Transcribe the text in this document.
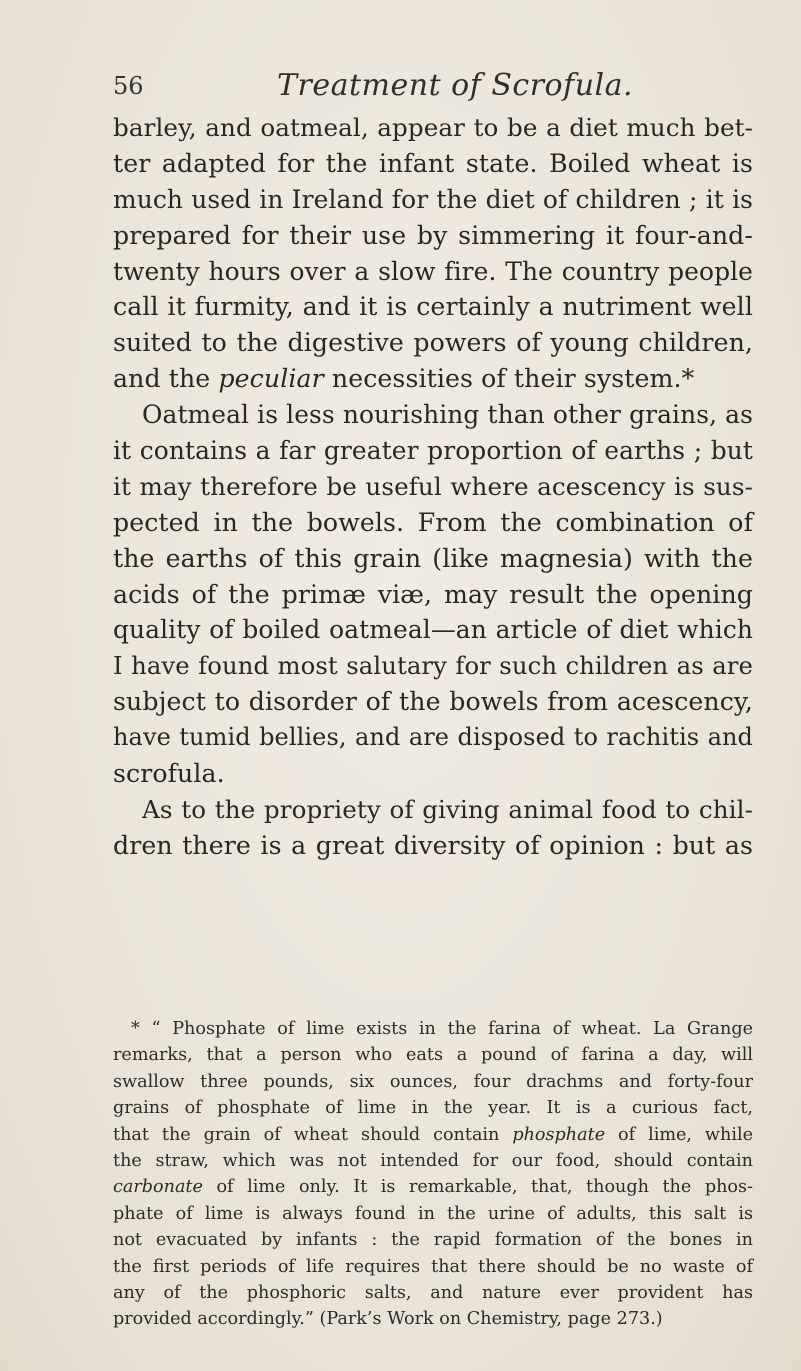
56	Treatment of Scrofula.
barley, and oatmeal, appear to be a diet much bet-
ter adapted for the infant state. Boiled wheat is
much used in Ireland for the diet of children ; it is
prepared for their use by simmering it four-and-
twenty hours over a slow fire. The country people
call it furmity, and it is certainly a nutriment well
suited to the digestive powers of young children,
and the peculiar necessities of their system.*
Oatmeal is less nourishing than other grains, as
it contains a far greater proportion of earths ; but
it may therefore be useful where acescency is sus-
pected in the bowels. From the combination of
the earths of this grain (like magnesia) with the
acids of the primæ viæ, may result the opening
quality of boiled oatmeal—an article of diet which
I have found most salutary for such children as are
subject to disorder of the bowels from acescency,
have tumid bellies, and are disposed to rachitis and
scrofula.
As to the propriety of giving animal food to chil-
dren there is a great diversity of opinion : but as
* “ Phosphate of lime exists in the farina of wheat. La Grange
remarks, that a person who eats a pound of farina a day, will
swallow three pounds, six ounces, four drachms and forty-four
grains of phosphate of lime in the year. It is a curious fact,
that the grain of wheat should contain phosphate of lime, while
the straw, which was not intended for our food, should contain
carbonate of lime only. It is remarkable, that, though the phos-
phate of lime is always found in the urine of adults, this salt is
not evacuated by infants : the rapid formation of the bones in
the first periods of life requires that there should be no waste of
any of the phosphoric salts, and nature ever provident has
provided accordingly.” (Park’s Work on Chemistry, page 273.)
